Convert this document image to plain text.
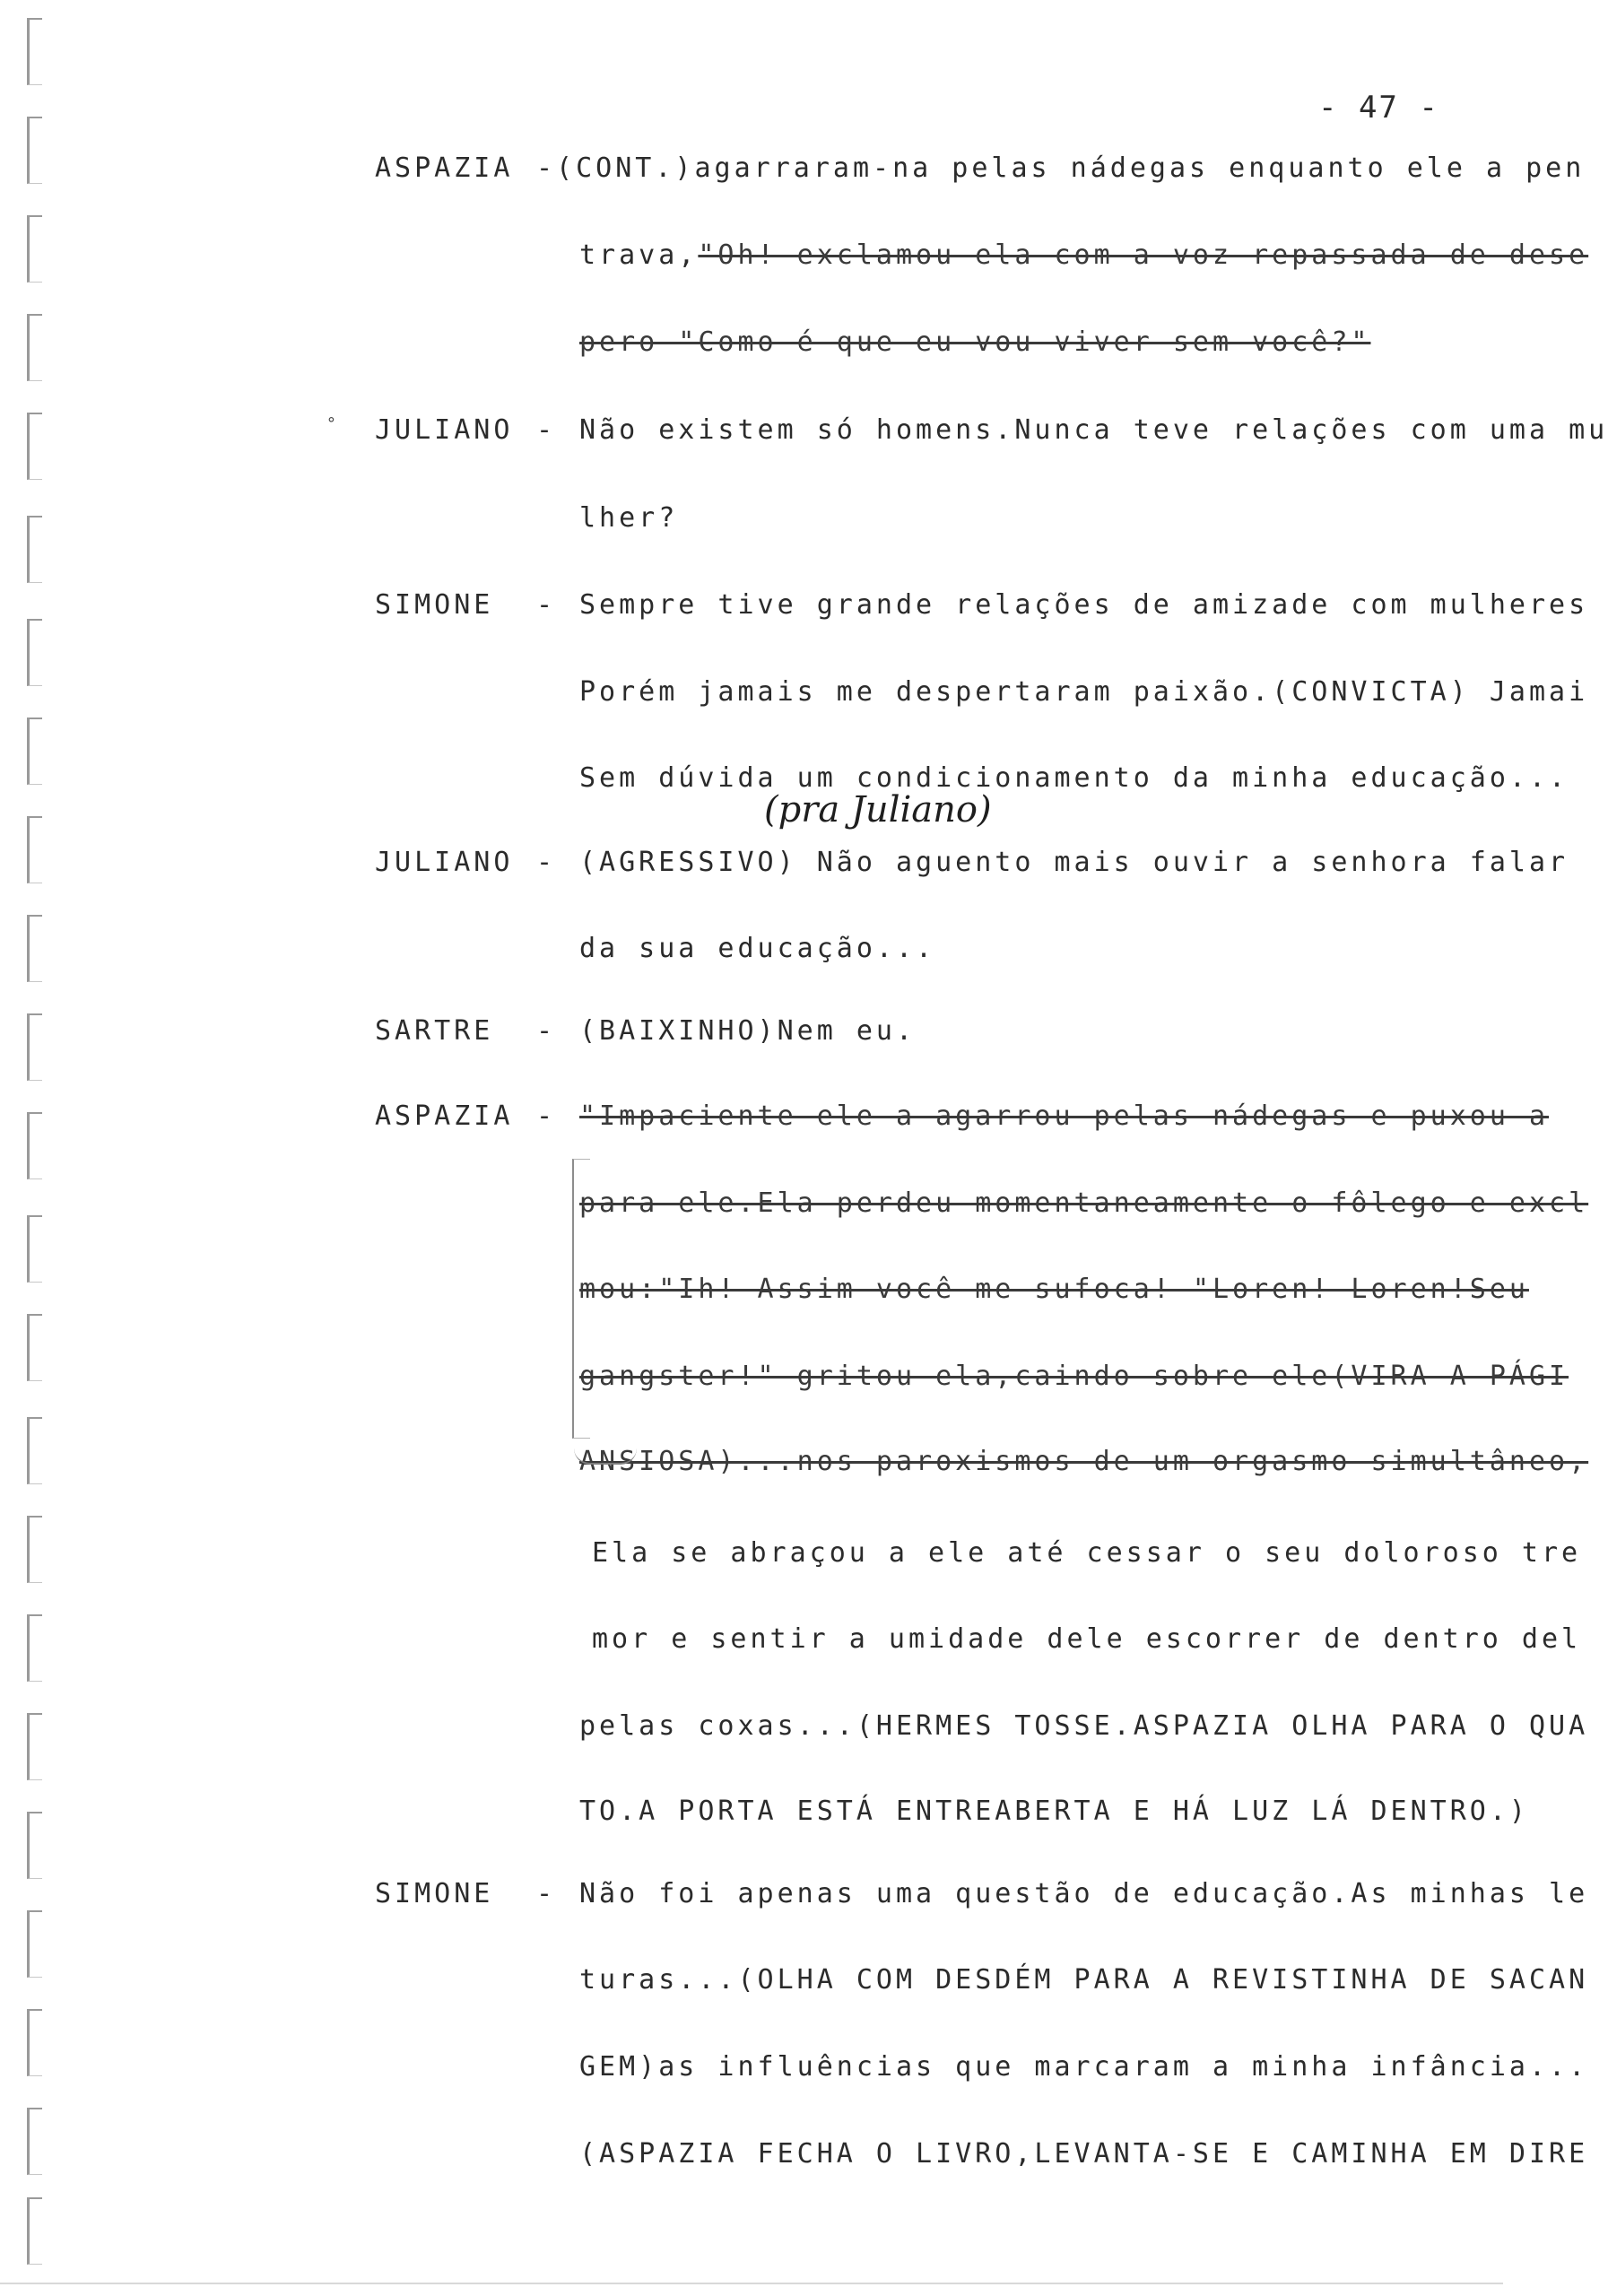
- 47 -
°
ASPAZIA -(CONT.)agarraram-na pelas nádegas enquanto ele a pen
trava,"Oh!-exclamou ela com a voz repassada de dese
pero-"Como é que eu vou viver sem você?"
JULIANO - Não existem só homens.Nunca teve relações com uma mu
lher?
SIMONE - Sempre tive grande relações de amizade com mulheres
Porém jamais me despertaram paixão.(CONVICTA) Jamai
Sem dúvida um condicionamento da minha educação...
(pra Juliano)
JULIANO - (AGRESSIVO) Não aguento mais ouvir a senhora falar
da sua educação...
SARTRE - (BAIXINHO)Nem eu.
ASPAZIA - "Impaciente ele a agarrou pelas nádegas e puxou-a
para ele.Ela perdeu momentaneamente o fôlego e excl
mou:"Ih! Assim você me sufoca!-"Loren! Loren!Seu
gangster!"-gritou ela,caindo sobre ele(VIRA A PÁGI
ANSIOSA)...nos paroxismos de um orgasmo simultâneo,
Ela se abraçou a ele até cessar o seu doloroso tre
mor e sentir a umidade dele escorrer de dentro del
pelas coxas...(HERMES TOSSE.ASPAZIA OLHA PARA O QUA
TO.A PORTA ESTÁ ENTREABERTA E HÁ LUZ LÁ DENTRO.)
SIMONE - Não foi apenas uma questão de educação.As minhas le
turas...(OLHA COM DESDÉM PARA A REVISTINHA DE SACAN
GEM)as influências que marcaram a minha infância...
(ASPAZIA FECHA O LIVRO,LEVANTA-SE E CAMINHA EM DIRE
